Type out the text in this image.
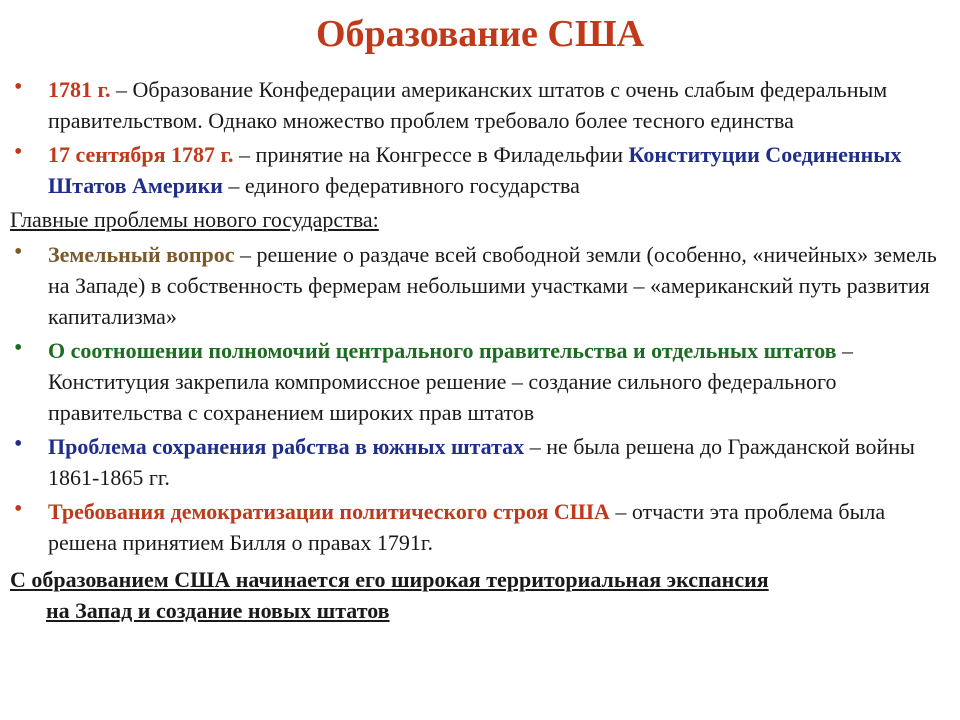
Образование США
• 1781 г. – Образование Конфедерации американских штатов с очень слабым федеральным правительством. Однако множество проблем требовало более тесного единства
• 17 сентября 1787 г. – принятие на Конгрессе в Филадельфии Конституции Соединенных Штатов Америки – единого федеративного государства
Главные проблемы нового государства:
• Земельный вопрос – решение о раздаче всей свободной земли (особенно, «ничейных» земель на Западе) в собственность фермерам небольшими участками – «американский путь развития капитализма»
• О соотношении полномочий центрального правительства и отдельных штатов – Конституция закрепила компромиссное решение – создание сильного федерального правительства с сохранением широких прав штатов
• Проблема сохранения рабства в южных штатах – не была решена до Гражданской войны 1861-1865 гг.
• Требования демократизации политического строя США – отчасти эта проблема была решена принятием Билля о правах 1791г.
С образованием США начинается его широкая территориальная экспансия
на Запад и создание новых штатов
